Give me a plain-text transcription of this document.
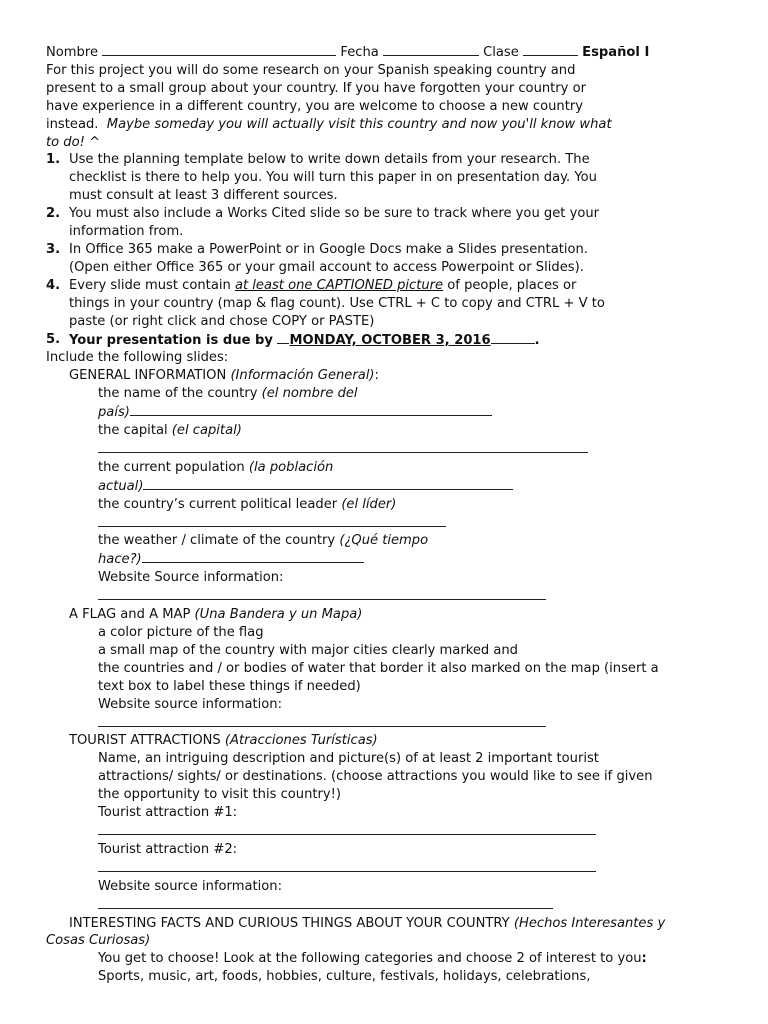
Nombre	Fecha	Clase	Español I
For this project you will do some research on your Spanish speaking country and
present to a small group about your country. If you have forgotten your country or
have experience in a different country, you are welcome to choose a new country
instead. Maybe someday you will actually visit this country and now you'll know what
to do! ^
1. Use the planning template below to write down details from your research. The
checklist is there to help you. You will turn this paper in on presentation day. You
must consult at least 3 different sources.
2. You must also include a Works Cited slide so be sure to track where you get your
information from.
3. In Office 365 make a PowerPoint or in Google Docs make a Slides presentation.
(Open either Office 365 or your gmail account to access Powerpoint or Slides).
4. Every slide must contain at least one CAPTIONED picture of people, places or
things in your country (map & flag count). Use CTRL + C to copy and CTRL + V to
paste (or right click and chose COPY or PASTE)
5. Your presentation is due by MONDAY, OCTOBER 3, 2016	.
Include the following slides:
GENERAL INFORMATION (Información General):
the name of the country (el nombre del
país)
the capital (el capital)
the current population (la población
actual)
the country’s current political leader (el líder)
the weather / climate of the country (¿Qué tiempo
hace?)
Website Source information:
A FLAG and A MAP (Una Bandera y un Mapa)
a color picture of the flag
a small map of the country with major cities clearly marked and
the countries and / or bodies of water that border it also marked on the map (insert a
text box to label these things if needed)
Website source information:
TOURIST ATTRACTIONS (Atracciones Turísticas)
Name, an intriguing description and picture(s) of at least 2 important tourist
attractions/ sights/ or destinations. (choose attractions you would like to see if given
the opportunity to visit this country!)
Tourist attraction #1:
Tourist attraction #2:
Website source information:
INTERESTING FACTS AND CURIOUS THINGS ABOUT YOUR COUNTRY (Hechos Interesantes y
Cosas Curiosas)
You get to choose! Look at the following categories and choose 2 of interest to you:
Sports, music, art, foods, hobbies, culture, festivals, holidays, celebrations,
